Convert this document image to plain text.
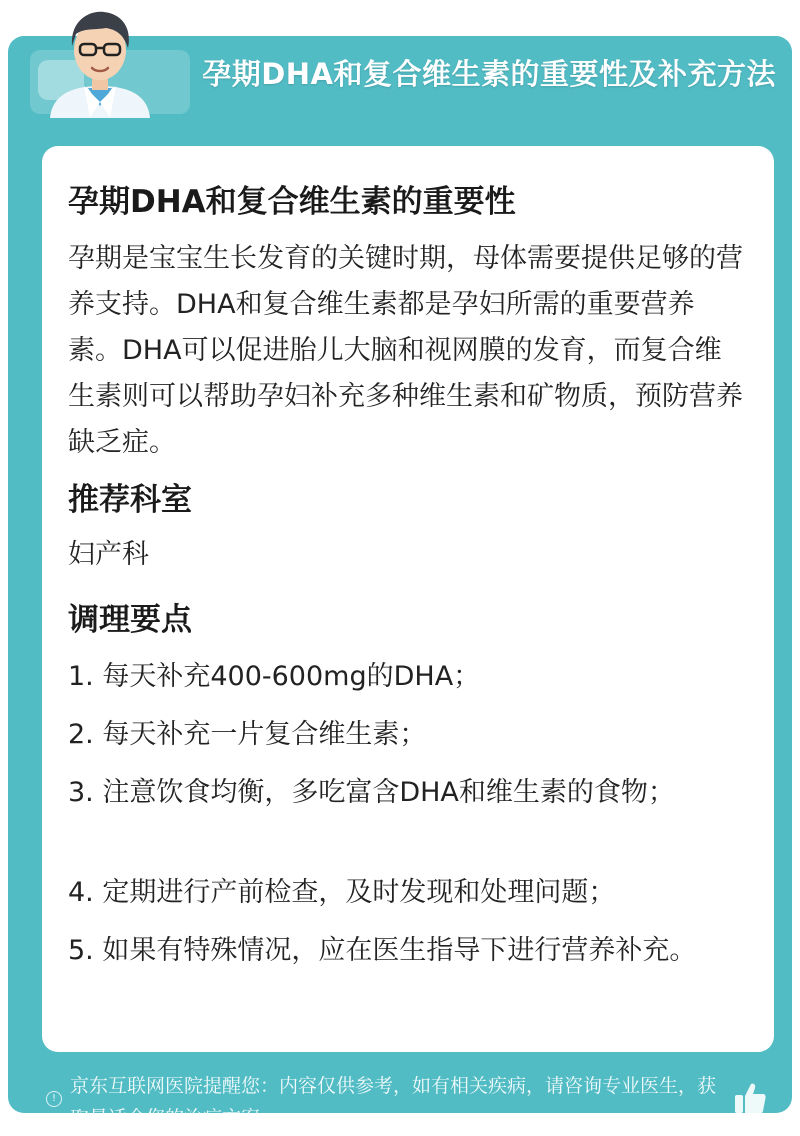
孕期DHA和复合维生素的重要性及补充方法
孕期DHA和复合维生素的重要性
孕期是宝宝生长发育的关键时期，母体需要提供足够的营养支持。DHA和复合维生素都是孕妇所需的重要营养素。DHA可以促进胎儿大脑和视网膜的发育，而复合维生素则可以帮助孕妇补充多种维生素和矿物质，预防营养缺乏症。
推荐科室
妇产科
调理要点
1. 每天补充400-600mg的DHA；
2. 每天补充一片复合维生素；
3. 注意饮食均衡，多吃富含DHA和维生素的食物；
4. 定期进行产前检查，及时发现和处理问题；
5. 如果有特殊情况，应在医生指导下进行营养补充。
!
京东互联网医院提醒您：内容仅供参考，如有相关疾病，请咨询专业医生，获取最适合您的治疗方案
